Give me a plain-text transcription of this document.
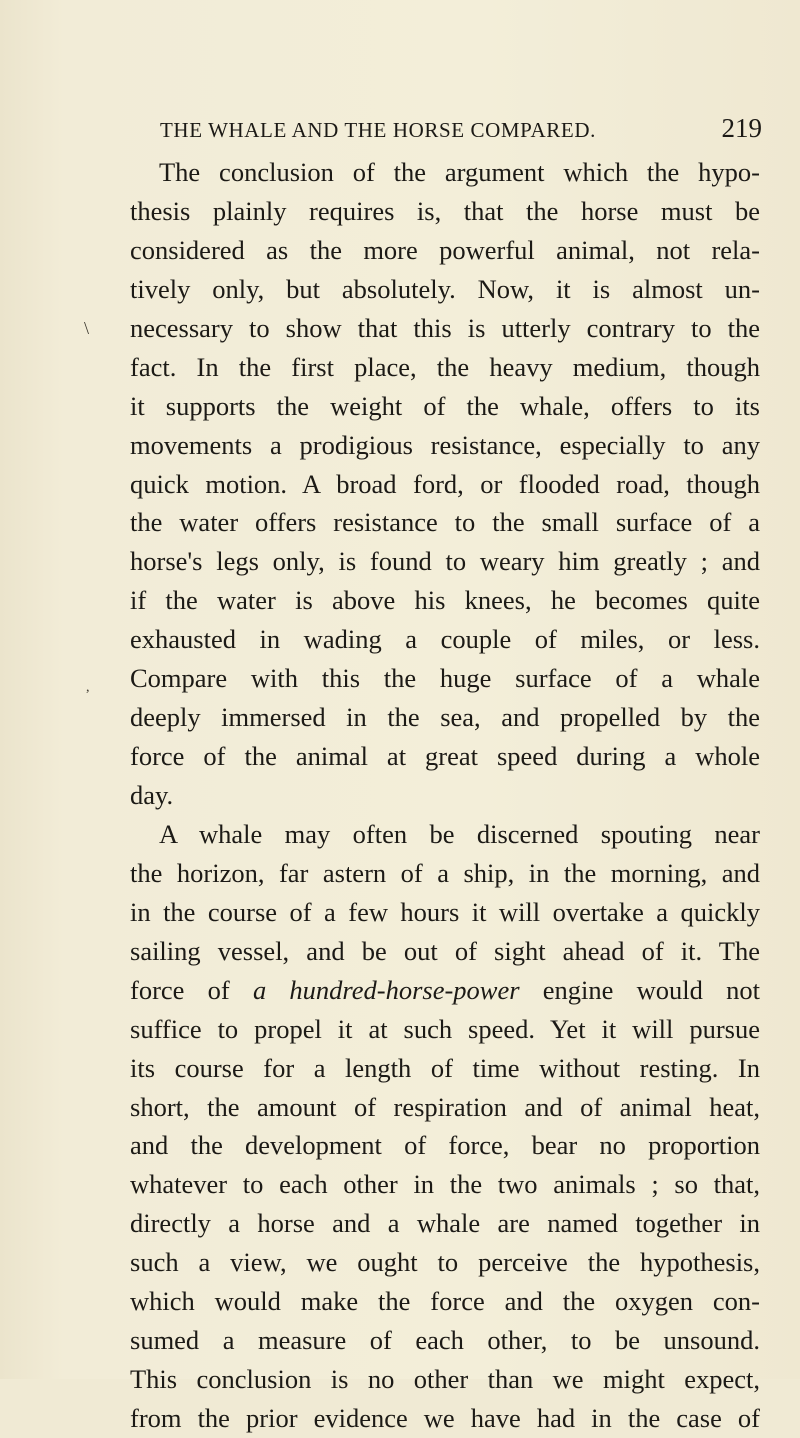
THE WHALE AND THE HORSE COMPARED.	219
The conclusion of the argument which the hypo-
thesis plainly requires is, that the horse must be
considered as the more powerful animal, not rela-
tively only, but absolutely. Now, it is almost un-
necessary to show that this is utterly contrary to the
fact. In the first place, the heavy medium, though
it supports the weight of the whale, offers to its
movements a prodigious resistance, especially to any
quick motion. A broad ford, or flooded road, though
the water offers resistance to the small surface of a
horse's legs only, is found to weary him greatly ; and
if the water is above his knees, he becomes quite
exhausted in wading a couple of miles, or less.
Compare with this the huge surface of a whale
deeply immersed in the sea, and propelled by the
force of the animal at great speed during a whole
day.
A whale may often be discerned spouting near
the horizon, far astern of a ship, in the morning, and
in the course of a few hours it will overtake a quickly
sailing vessel, and be out of sight ahead of it. The
force of a hundred-horse-power engine would not
suffice to propel it at such speed. Yet it will pursue
its course for a length of time without resting. In
short, the amount of respiration and of animal heat,
and the development of force, bear no proportion
whatever to each other in the two animals ; so that,
directly a horse and a whale are named together in
such a view, we ought to perceive the hypothesis,
which would make the force and the oxygen con-
sumed a measure of each other, to be unsound.
This conclusion is no other than we might expect,
from the prior evidence we have had in the case of
\
,
